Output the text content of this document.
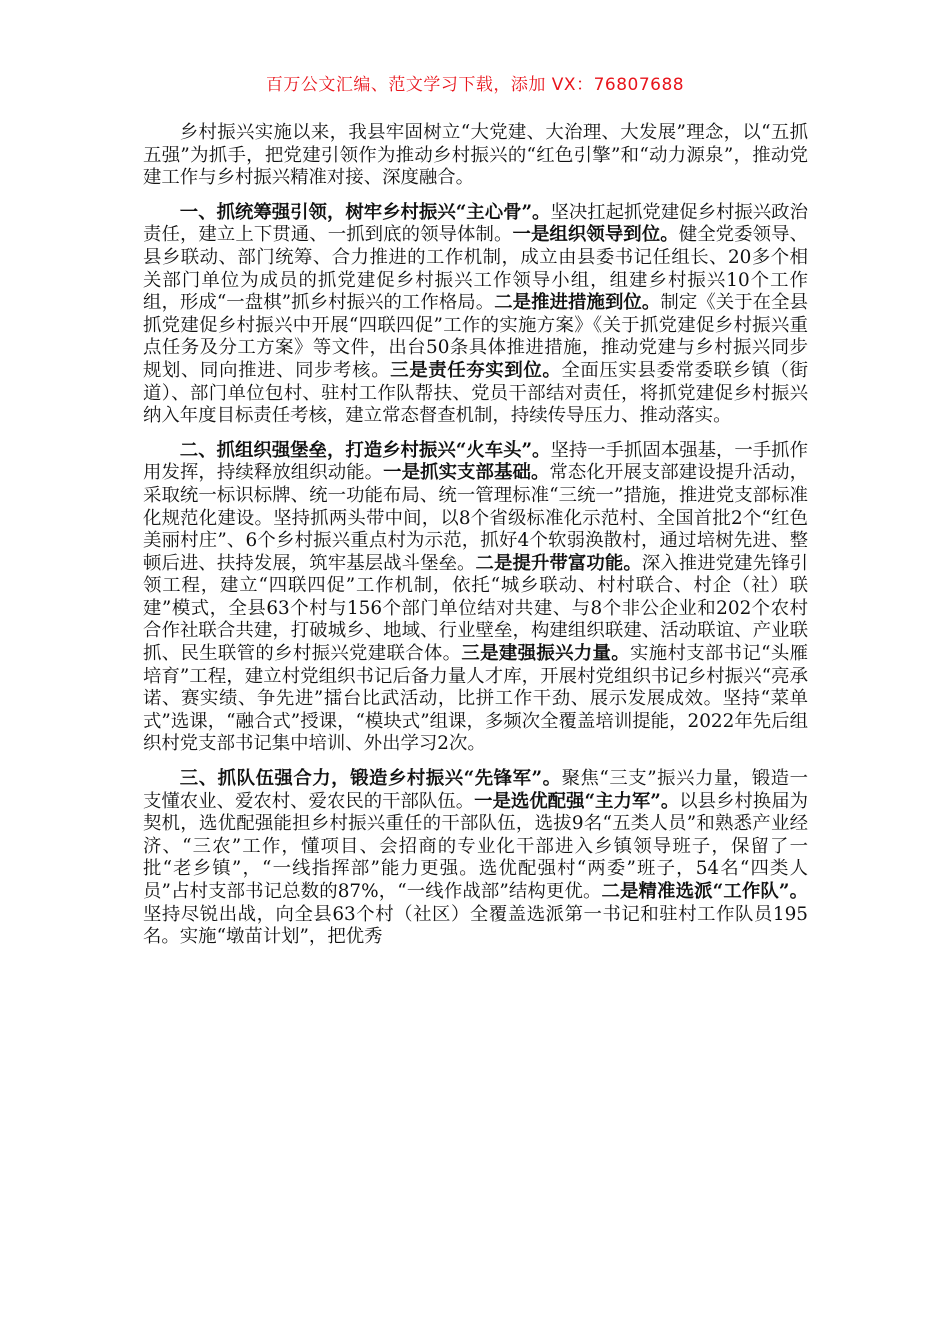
百万公文汇编、范文学习下载，添加 VX：76807688

乡村振兴实施以来，我县牢固树立“大党建、大治理、大发展”理念，以“五抓五强”为抓手，把党建引领作为推动乡村振兴的“红色引擎”和“动力源泉”，推动党建工作与乡村振兴精准对接、深度融合。

一、抓统筹强引领，树牢乡村振兴“主心骨”。坚决扛起抓党建促乡村振兴政治责任，建立上下贯通、一抓到底的领导体制。一是组织领导到位。健全党委领导、县乡联动、部门统筹、合力推进的工作机制，成立由县委书记任组长、20多个相关部门单位为成员的抓党建促乡村振兴工作领导小组，组建乡村振兴10个工作组，形成“一盘棋”抓乡村振兴的工作格局。二是推进措施到位。制定《关于在全县抓党建促乡村振兴中开展“四联四促”工作的实施方案》《关于抓党建促乡村振兴重点任务及分工方案》等文件，出台50条具体推进措施，推动党建与乡村振兴同步规划、同向推进、同步考核。三是责任夯实到位。全面压实县委常委联乡镇（街道）、部门单位包村、驻村工作队帮扶、党员干部结对责任，将抓党建促乡村振兴纳入年度目标责任考核，建立常态督查机制，持续传导压力、推动落实。

二、抓组织强堡垒，打造乡村振兴“火车头”。坚持一手抓固本强基，一手抓作用发挥，持续释放组织动能。一是抓实支部基础。常态化开展支部建设提升活动，采取统一标识标牌、统一功能布局、统一管理标准“三统一”措施，推进党支部标准化规范化建设。坚持抓两头带中间，以8个省级标准化示范村、全国首批2个“红色美丽村庄”、6个乡村振兴重点村为示范，抓好4个软弱涣散村，通过培树先进、整顿后进、扶持发展，筑牢基层战斗堡垒。二是提升带富功能。深入推进党建先锋引领工程，建立“四联四促”工作机制，依托“城乡联动、村村联合、村企（社）联建”模式，全县63个村与156个部门单位结对共建、与8个非公企业和202个农村合作社联合共建，打破城乡、地域、行业壁垒，构建组织联建、活动联谊、产业联抓、民生联管的乡村振兴党建联合体。三是建强振兴力量。实施村支部书记“头雁培育”工程，建立村党组织书记后备力量人才库，开展村党组织书记乡村振兴“亮承诺、赛实绩、争先进”擂台比武活动，比拼工作干劲、展示发展成效。坚持“菜单式”选课，“融合式”授课，“模块式”组课，多频次全覆盖培训提能，2022年先后组织村党支部书记集中培训、外出学习2次。

三、抓队伍强合力，锻造乡村振兴“先锋军”。聚焦“三支”振兴力量，锻造一支懂农业、爱农村、爱农民的干部队伍。一是选优配强“主力军”。以县乡村换届为契机，选优配强能担乡村振兴重任的干部队伍，选拔9名“五类人员”和熟悉产业经济、“三农”工作，懂项目、会招商的专业化干部进入乡镇领导班子，保留了一批“老乡镇”，“一线指挥部”能力更强。选优配强村“两委”班子，54名“四类人员”占村支部书记总数的87%，“一线作战部”结构更优。二是精准选派“工作队”。坚持尽锐出战，向全县63个村（社区）全覆盖选派第一书记和驻村工作队员195名。实施“墩苗计划”，把优秀
